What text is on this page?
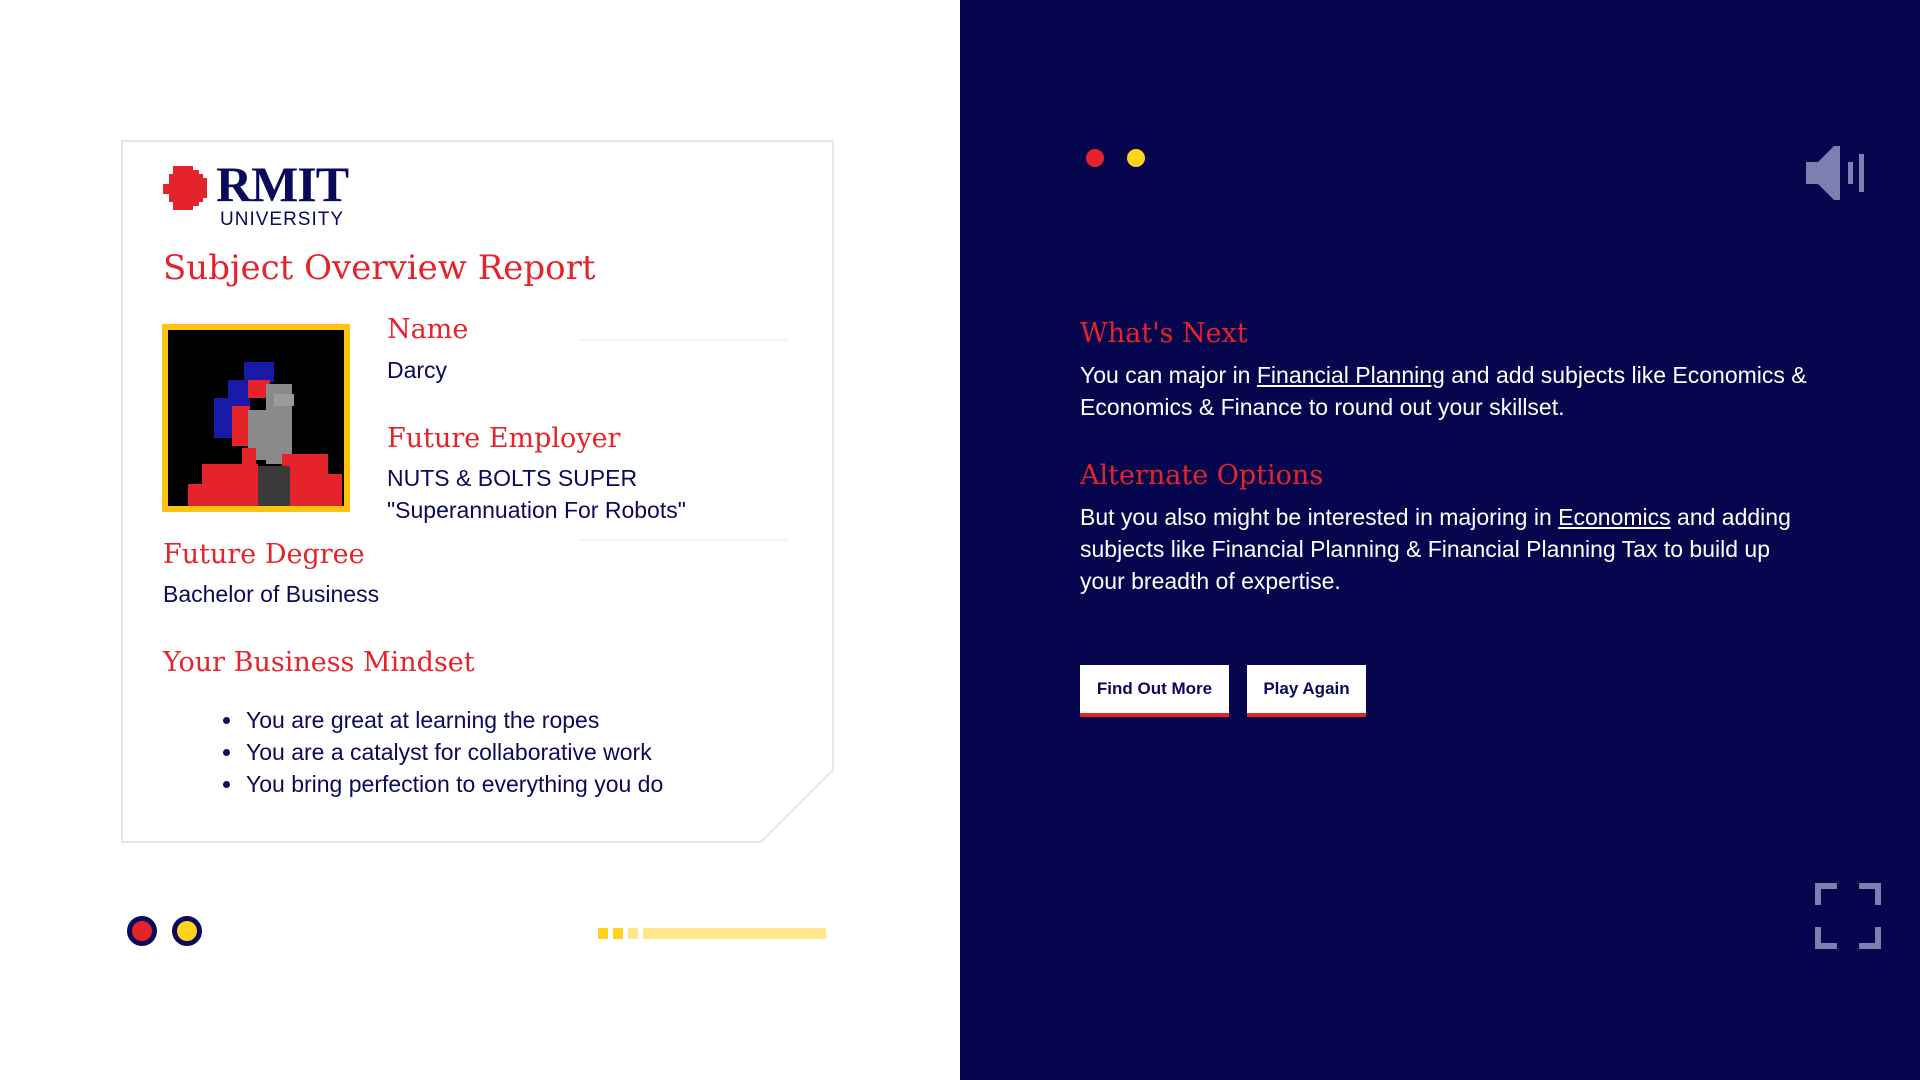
RMIT
UNIVERSITY
Subject Overview Report
Name
Darcy
Future Employer
NUTS & BOLTS SUPER
"Superannuation For Robots"
Future Degree
Bachelor of Business
Your Business Mindset
• You are great at learning the ropes
• You are a catalyst for collaborative work
• You bring perfection to everything you do
What's Next
You can major in Financial Planning and add subjects like Economics & Economics & Finance to round out your skillset.
Alternate Options
But you also might be interested in majoring in Economics and adding subjects like Financial Planning & Financial Planning Tax to build up your breadth of expertise.
Find Out More	Play Again
